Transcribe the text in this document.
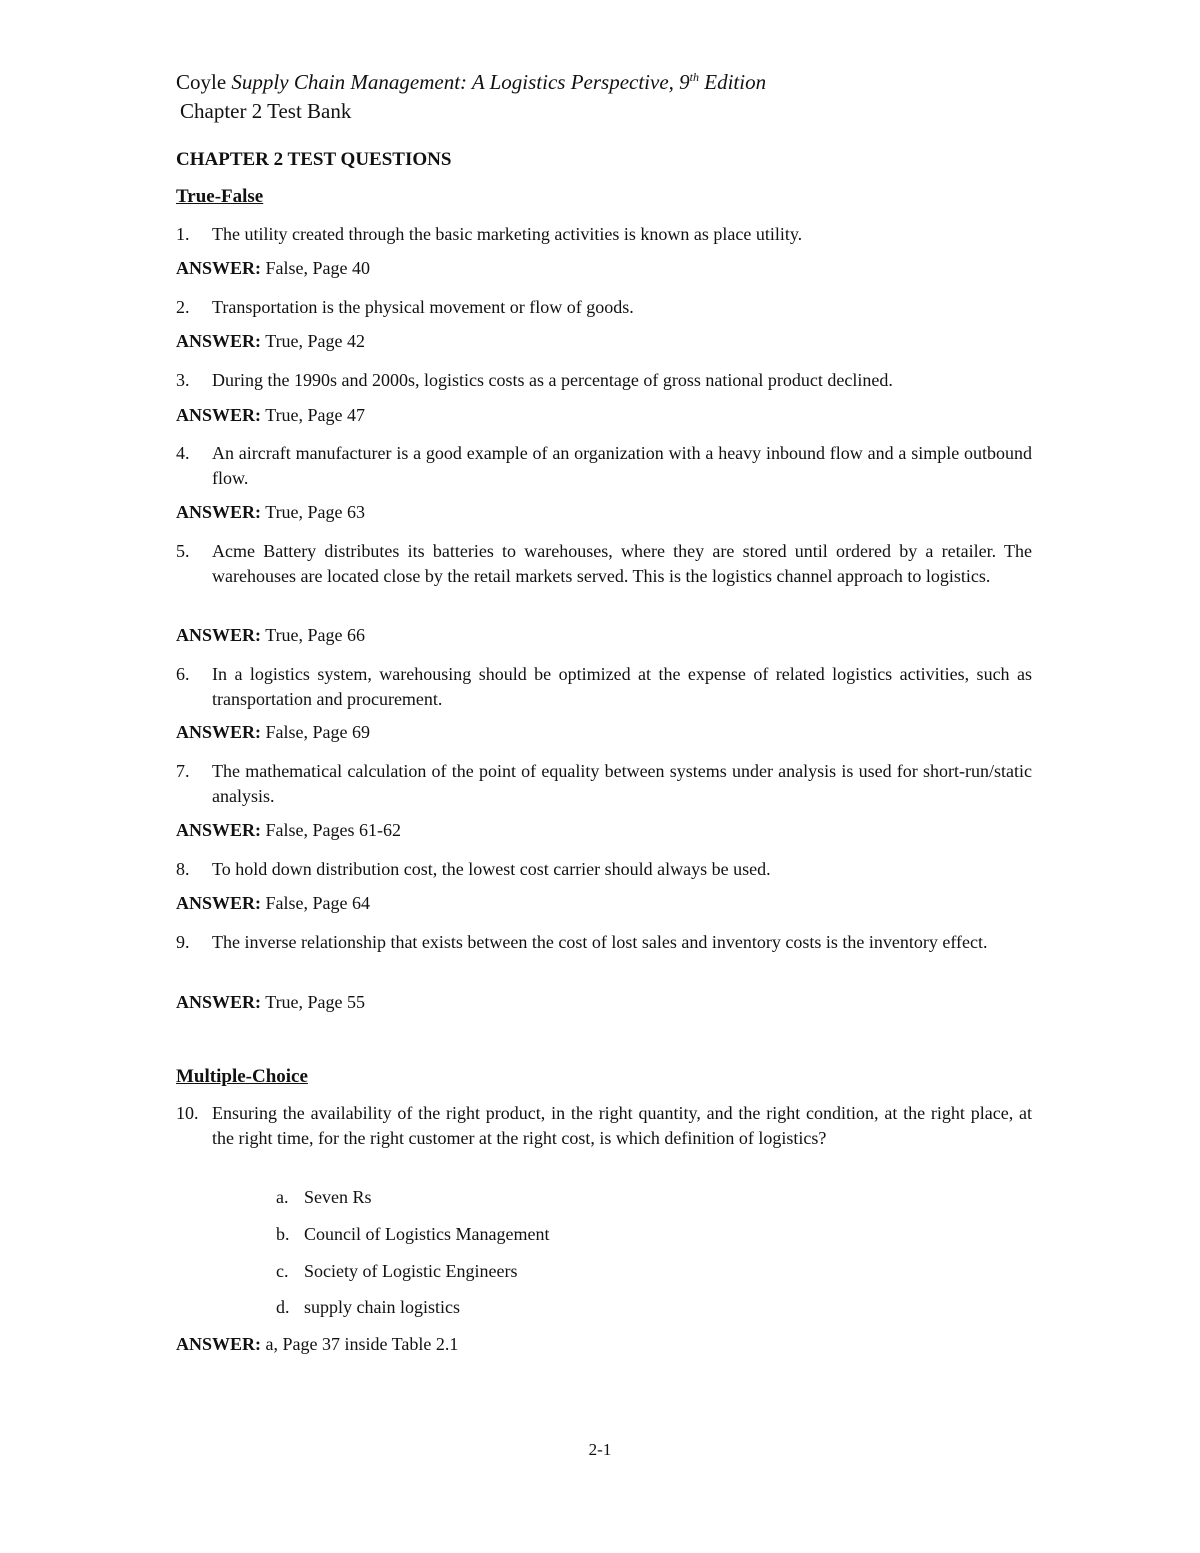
Coyle Supply Chain Management: A Logistics Perspective, 9th Edition
Chapter 2 Test Bank
CHAPTER 2 TEST QUESTIONS
True-False
1. The utility created through the basic marketing activities is known as place utility.
ANSWER: False, Page 40
2. Transportation is the physical movement or flow of goods.
ANSWER: True, Page 42
3. During the 1990s and 2000s, logistics costs as a percentage of gross national product declined.
ANSWER: True, Page 47
4. An aircraft manufacturer is a good example of an organization with a heavy inbound flow and a simple outbound flow.
ANSWER: True, Page 63
5. Acme Battery distributes its batteries to warehouses, where they are stored until ordered by a retailer. The warehouses are located close by the retail markets served. This is the logistics channel approach to logistics.
ANSWER: True, Page 66
6. In a logistics system, warehousing should be optimized at the expense of related logistics activities, such as transportation and procurement.
ANSWER: False, Page 69
7. The mathematical calculation of the point of equality between systems under analysis is used for short-run/static analysis.
ANSWER: False, Pages 61-62
8. To hold down distribution cost, the lowest cost carrier should always be used.
ANSWER: False, Page 64
9. The inverse relationship that exists between the cost of lost sales and inventory costs is the inventory effect.
ANSWER: True, Page 55
Multiple-Choice
10. Ensuring the availability of the right product, in the right quantity, and the right condition, at the right place, at the right time, for the right customer at the right cost, is which definition of logistics?
a. Seven Rs
b. Council of Logistics Management
c. Society of Logistic Engineers
d. supply chain logistics
ANSWER: a, Page 37 inside Table 2.1
2-1
